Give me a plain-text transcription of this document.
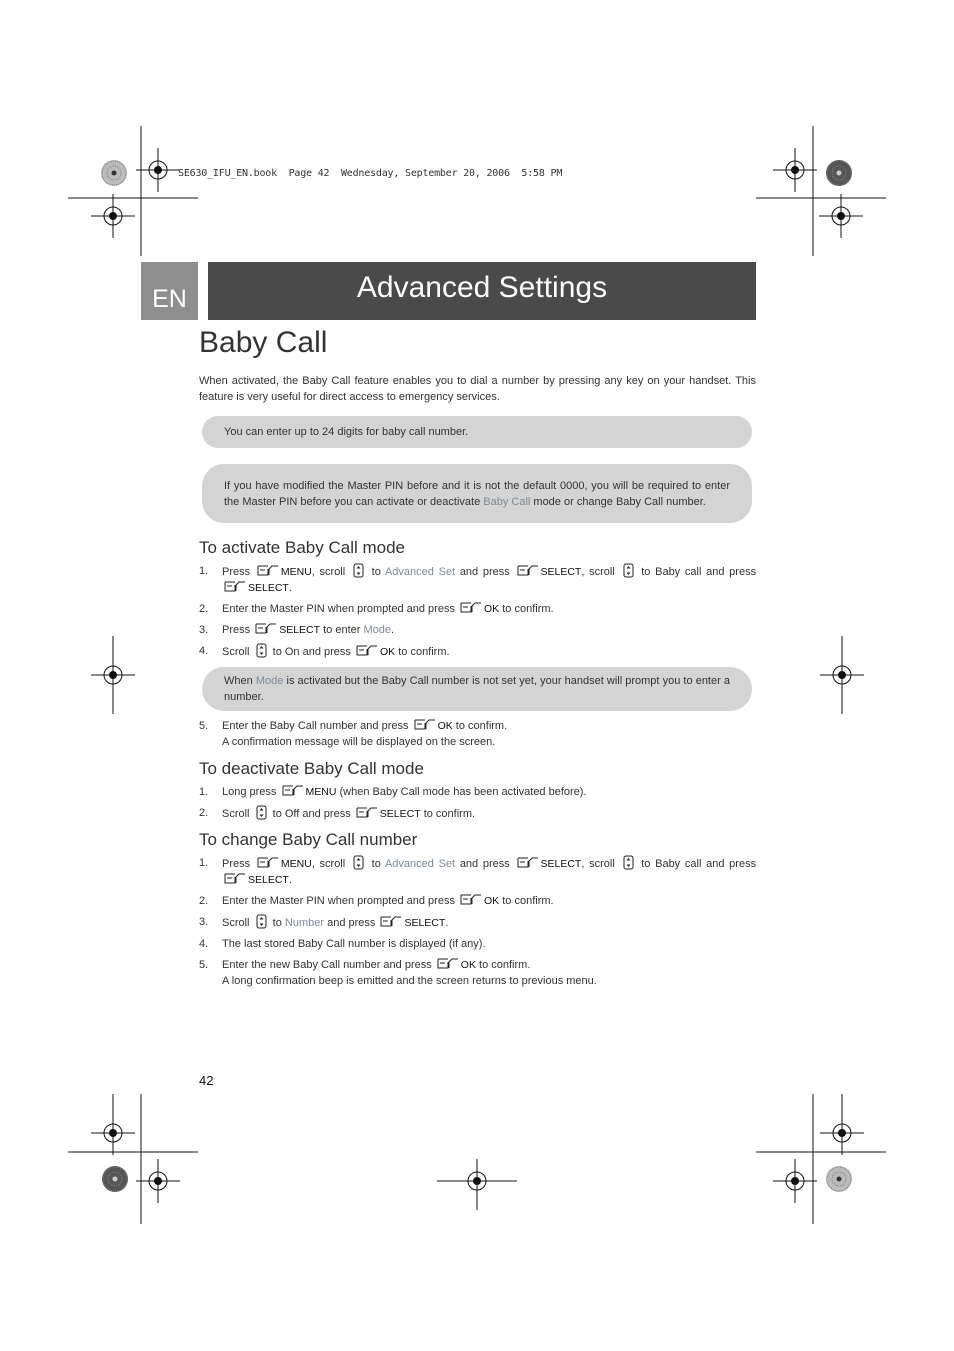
SE630_IFU_EN.book  Page 42  Wednesday, September 20, 2006  5:58 PM
EN	Advanced Settings
Baby Call

When activated, the Baby Call feature enables you to dial a number by pressing any key on your handset. This feature is very useful for direct access to emergency services.

You can enter up to 24 digits for baby call number.
If you have modified the Master PIN before and it is not the default 0000, you will be required to enter the Master PIN before you can activate or deactivate Baby Call mode or change Baby Call number.
To activate Baby Call mode
1. Press	MENU, scroll to Advanced Set and press	SELECT, scroll to Baby call and press SELECT.
2. Enter the Master PIN when prompted and press	OK to confirm.
3. Press	SELECT to enter Mode.
4. Scroll to On and press	OK to confirm.
When Mode is activated but the Baby Call number is not set yet, your handset will prompt you to enter a number.
5. Enter the Baby Call number and press	OK to confirm.
A confirmation message will be displayed on the screen.
To deactivate Baby Call mode
1. Long press	MENU (when Baby Call mode has been activated before).
2. Scroll to Off and press	SELECT to confirm.
To change Baby Call number
1. Press	MENU, scroll to Advanced Set and press	SELECT, scroll to Baby call and press SELECT.
2. Enter the Master PIN when prompted and press	OK to confirm.
3. Scroll to Number and press	SELECT.
4. The last stored Baby Call number is displayed (if any).
5. Enter the new Baby Call number and press	OK to confirm.
A long confirmation beep is emitted and the screen returns to previous menu.
42
